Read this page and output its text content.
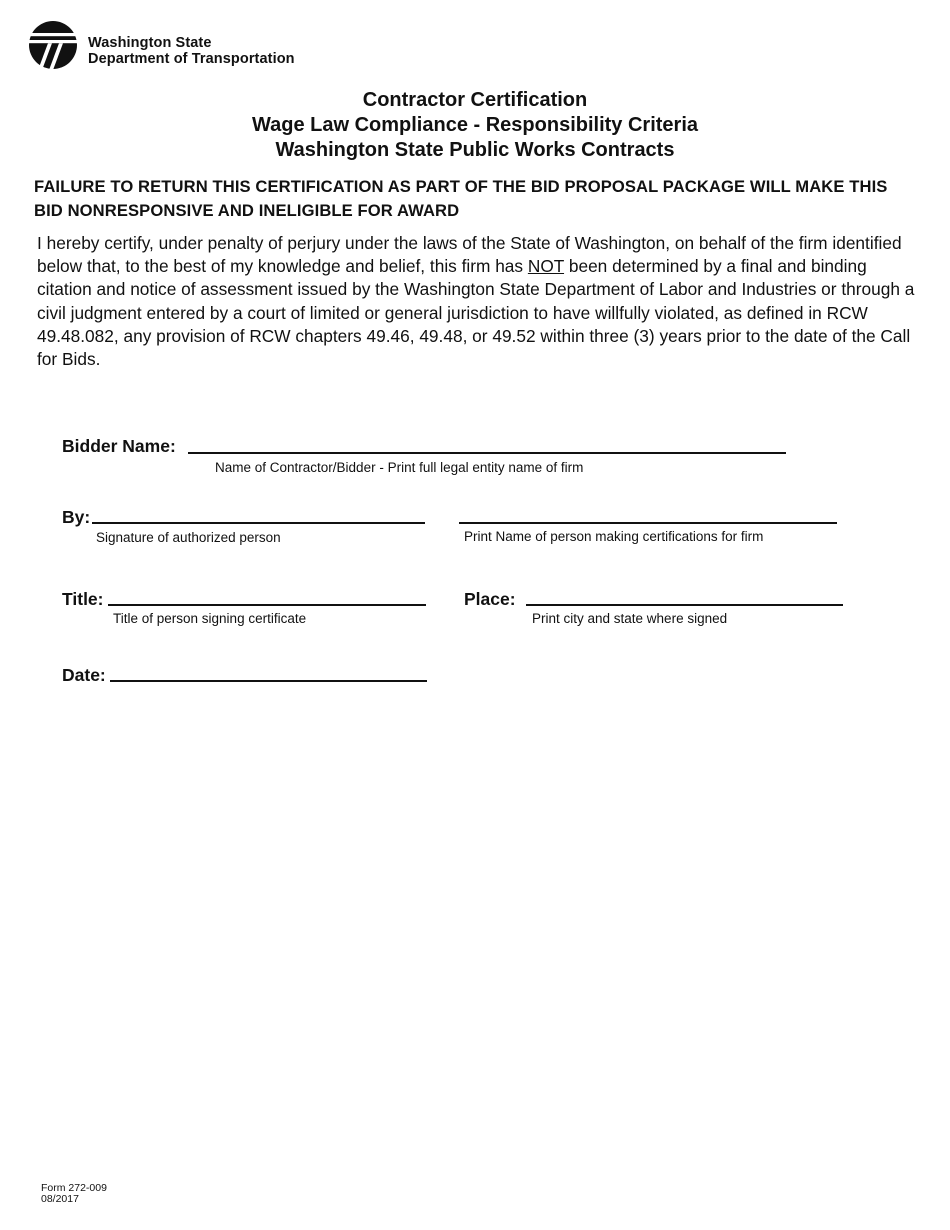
Washington State
Department of Transportation
Contractor Certification
Wage Law Compliance - Responsibility Criteria
Washington State Public Works Contracts
FAILURE TO RETURN THIS CERTIFICATION AS PART OF THE BID PROPOSAL PACKAGE WILL MAKE THIS BID NONRESPONSIVE AND INELIGIBLE FOR AWARD
I hereby certify, under penalty of perjury under the laws of the State of Washington, on behalf of the firm identified below that, to the best of my knowledge and belief, this firm has NOT been determined by a final and binding citation and notice of assessment issued by the Washington State Department of Labor and Industries or through a civil judgment entered by a court of limited or general jurisdiction to have willfully violated, as defined in RCW 49.48.082, any provision of RCW chapters 49.46, 49.48, or 49.52 within three (3) years prior to the date of the Call for Bids.
Bidder Name:
Name of Contractor/Bidder - Print full legal entity name of firm
By:
Signature of authorized person	Print Name of person making certifications for firm
Title:
Title of person signing certificate
Place:
Print city and state where signed
Date:
Form 272-009
08/2017
